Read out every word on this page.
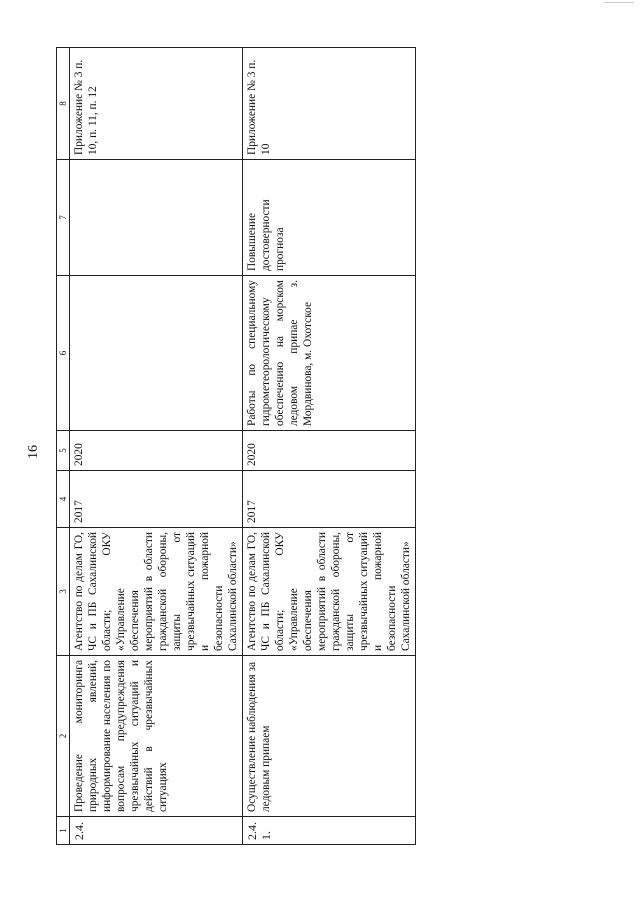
16
1	2	3	4	5	6	7	8
2.4.	Проведение мониторинга природных явлений, информирование населения по вопросам предупреждения чрезвычайных ситуаций и действий в чрезвычайных ситуациях	Агентство по делам ГО, ЧС и ПБ Сахалинской области; ОКУ «Управление обеспечения мероприятий в области гражданской обороны, защиты от чрезвычайных ситуаций и пожарной безопасности Сахалинской области»	2017	2020			Приложение № 3 п. 10, п. 11, п. 12
2.4.1.	Осуществление наблюдения за ледовым припаем	Агентство по делам ГО, ЧС и ПБ Сахалинской области; ОКУ «Управление обеспечения мероприятий в области гражданской обороны, защиты от чрезвычайных ситуаций и пожарной безопасности Сахалинской области»	2017	2020	Работы по специальному гидрометеорологическому обеспечению на морском ледовом припае з. Мордвинова, м. Охотское	Повышение достоверности прогноза	Приложение № 3 п. 10
